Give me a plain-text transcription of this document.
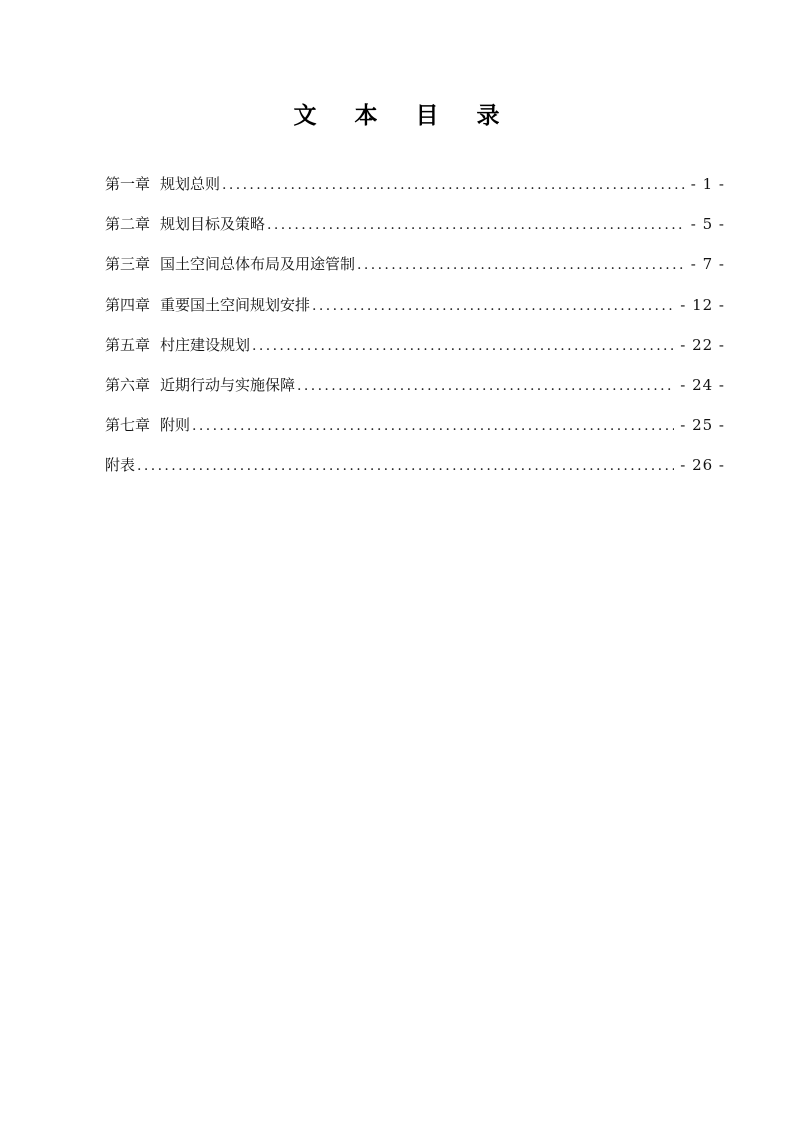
文 本 目 录
第一章 规划总则 .....	- 1 -
第二章 规划目标及策略 .....	- 5 -
第三章 国土空间总体布局及用途管制 .....	- 7 -
第四章 重要国土空间规划安排 .....	- 12 -
第五章 村庄建设规划 .....	- 22 -
第六章 近期行动与实施保障 .....	- 24 -
第七章 附则 .....	- 25 -
附表 .....	- 26 -
